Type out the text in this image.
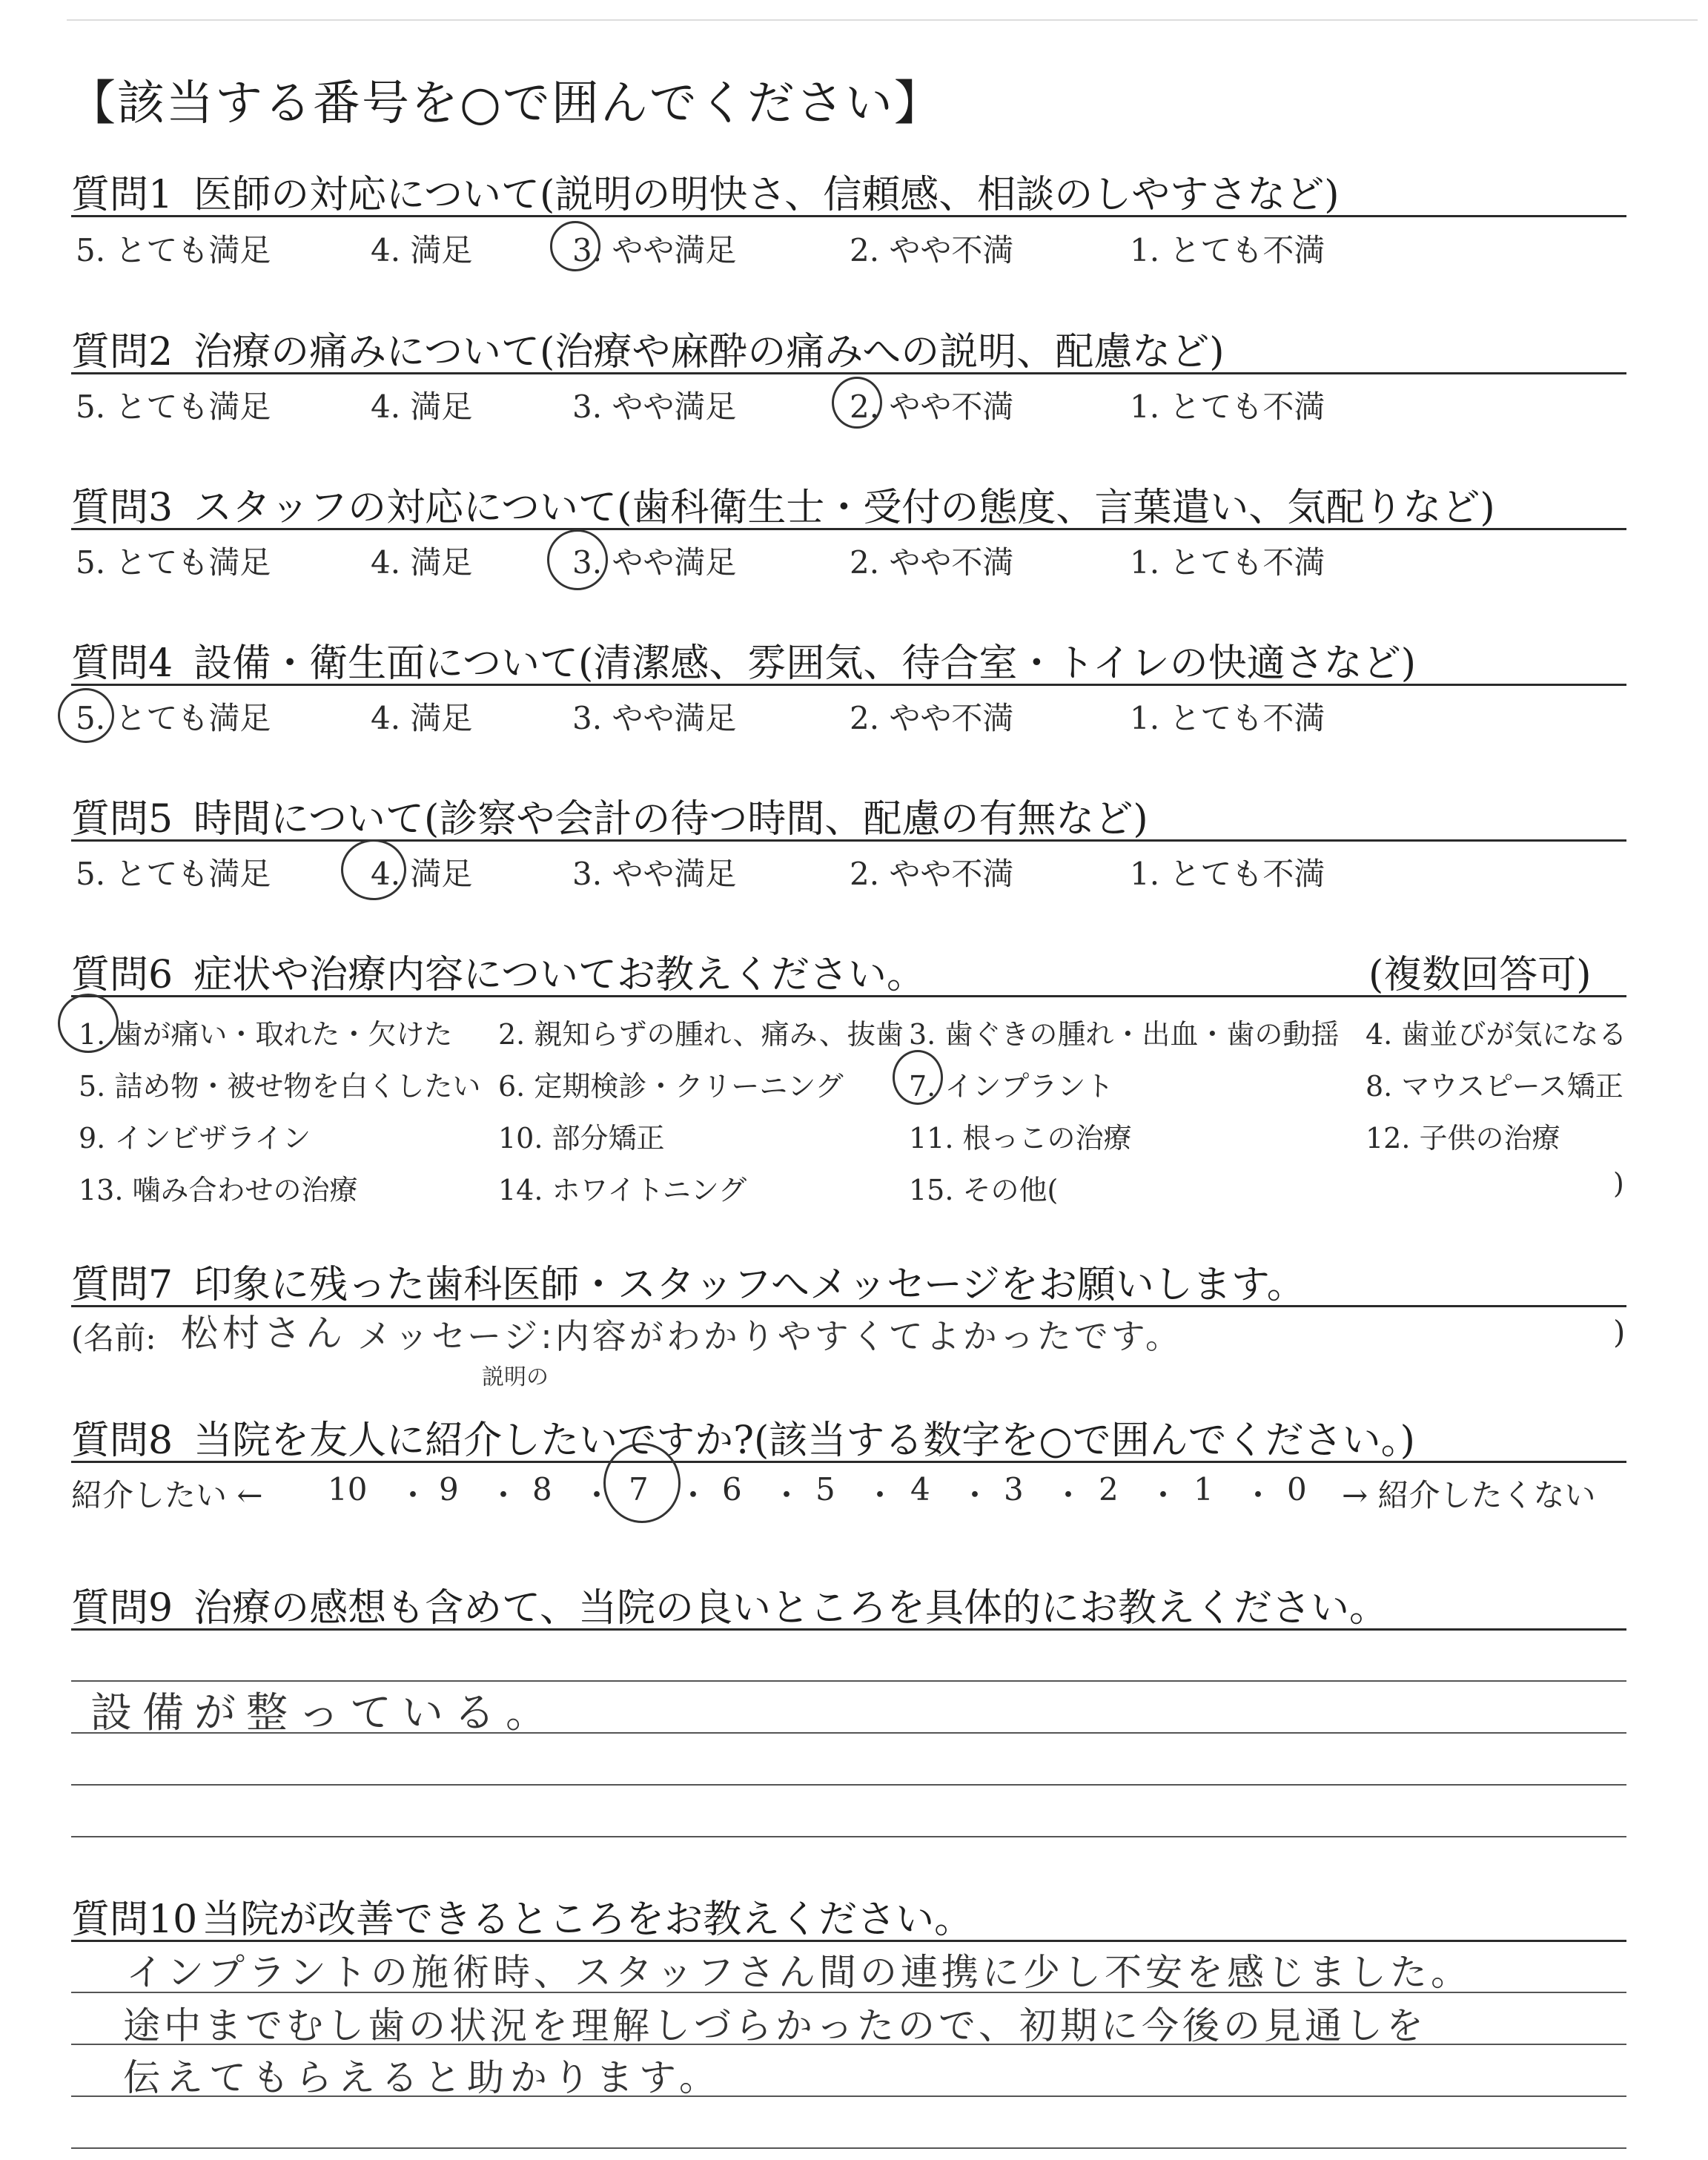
【該当する番号を○で囲んでください】
質問1 医師の対応について(説明の明快さ、信頼感、相談のしやすさなど)
5. とても満足	4. 満足	3. やや満足	2. やや不満	1. とても不満
質問2 治療の痛みについて(治療や麻酔の痛みへの説明、配慮など)
5. とても満足	4. 満足	3. やや満足	2. やや不満	1. とても不満
質問3 スタッフの対応について(歯科衛生士・受付の態度、言葉遣い、気配りなど)
5. とても満足	4. 満足	3. やや満足	2. やや不満	1. とても不満
質問4 設備・衛生面について(清潔感、雰囲気、待合室・トイレの快適さなど)
5. とても満足	4. 満足	3. やや満足	2. やや不満	1. とても不満
質問5 時間について(診察や会計の待つ時間、配慮の有無など)
5. とても満足	4. 満足	3. やや満足	2. やや不満	1. とても不満
質問6 症状や治療内容についてお教えください。	(複数回答可)
1. 歯が痛い・取れた・欠けた 2. 親知らずの腫れ、痛み、抜歯 3. 歯ぐきの腫れ・出血・歯の動揺 4. 歯並びが気になる
5. 詰め物・被せ物を白くしたい 6. 定期検診・クリーニング 7. インプラント	8. マウスピース矯正
9. インビザライン	10. 部分矯正	11. 根っこの治療	12. 子供の治療
13. 噛み合わせの治療	14. ホワイトニング	15. その他(	)
質問7 印象に残った歯科医師・スタッフへメッセージをお願いします。
(名前: 松村さん メッセージ:内容がわかりやすくてよかったです。
説明の
)
質問8 当院を友人に紹介したいですか?(該当する数字を○で囲んでください。)
紹介したい ← 10 ・ 9 ・ 8 ・ 7 ・ 6 ・ 5 ・ 4 ・ 3 ・ 2 ・ 1 ・ 0 → 紹介したくない
質問9 治療の感想も含めて、当院の良いところを具体的にお教えください。
設備が整っている。
質問10 当院が改善できるところをお教えください。
インプラントの施術時、スタッフさん間の連携に少し不安を感じました。
途中までむし歯の状況を理解しづらかったので、初期に今後の見通しを
伝えてもらえると助かります。
